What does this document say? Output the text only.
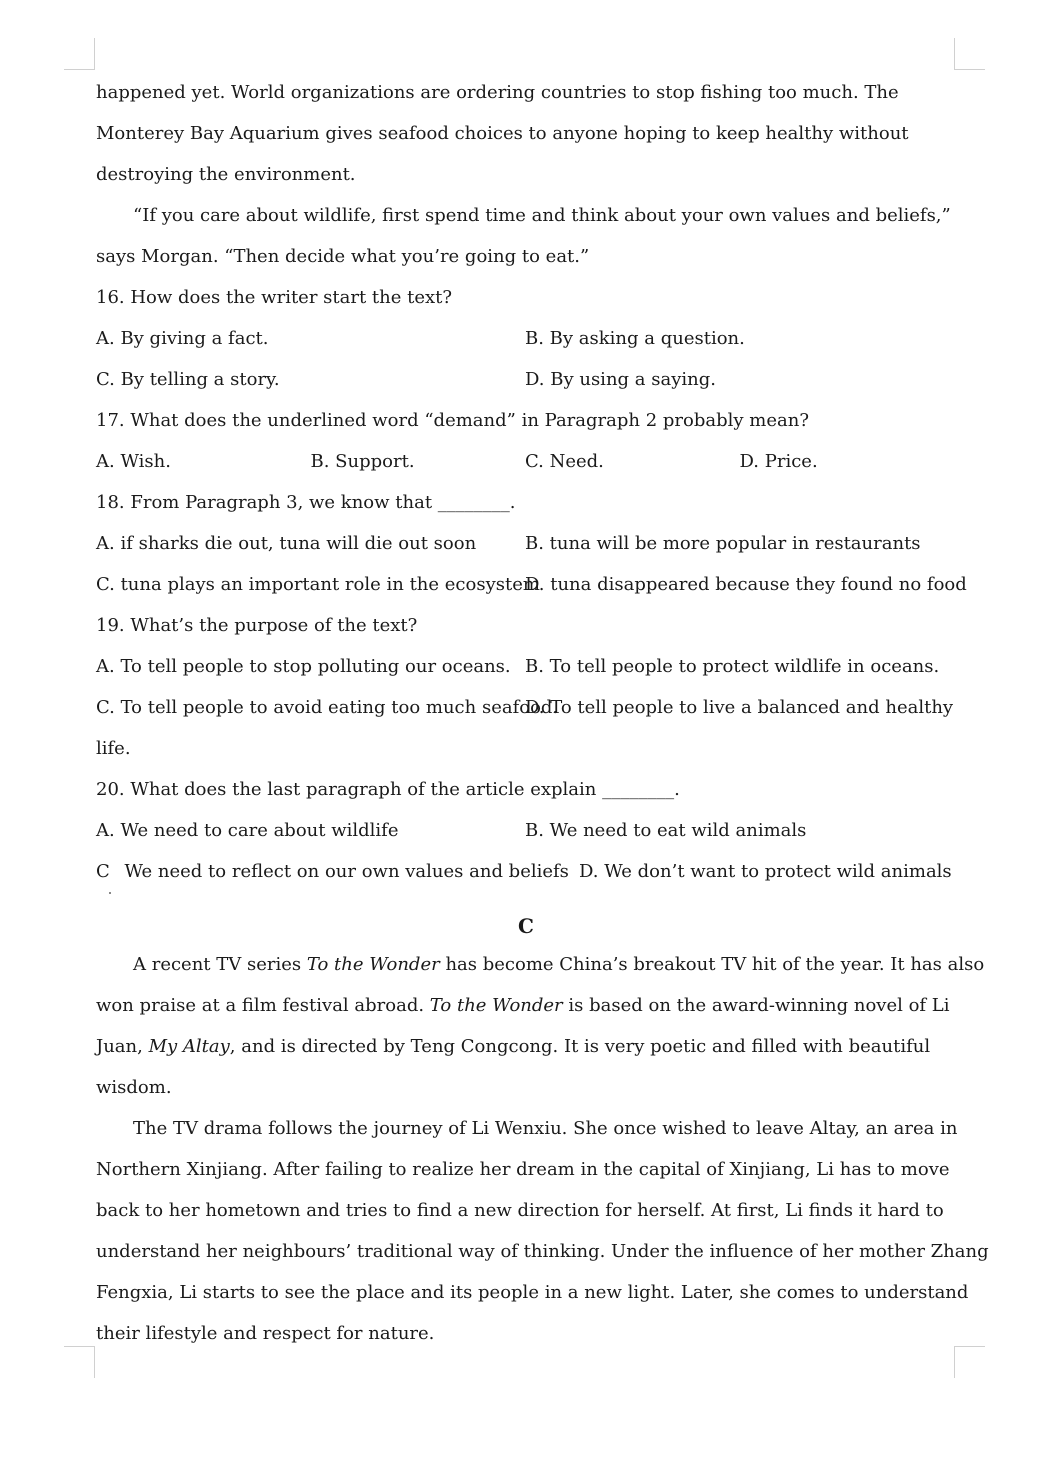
happened yet. World organizations are ordering countries to stop fishing too much. The
Monterey Bay Aquarium gives seafood choices to anyone hoping to keep healthy without
destroying the environment.
“If you care about wildlife, first spend time and think about your own values and beliefs,”
says Morgan. “Then decide what you’re going to eat.”
16. How does the writer start the text?
A. By giving a fact.	B. By asking a question.
C. By telling a story.	D. By using a saying.
17. What does the underlined word “demand” in Paragraph 2 probably mean?
A. Wish.	B. Support.	C. Need.	D. Price.
18. From Paragraph 3, we know that ________.
A. if sharks die out, tuna will die out soon	B. tuna will be more popular in restaurants
C. tuna plays an important role in the ecosystem
D. tuna disappeared because they found no food
19. What’s the purpose of the text?
A. To tell people to stop polluting our oceans. B. To tell people to protect wildlife in oceans.
C. To tell people to avoid eating too much seafood.
D. To tell people to live a balanced and healthy
life.
20. What does the last paragraph of the article explain ________.
A. We need to care about wildlife	B. We need to eat wild animals
C  We need to reflect on our own values and beliefs D. We don’t want to protect wild animals
C
A recent TV series To the Wonder has become China’s breakout TV hit of the year. It has also
won praise at a film festival abroad. To the Wonder is based on the award-winning novel of Li
Juan, My Altay, and is directed by Teng Congcong. It is very poetic and filled with beautiful
wisdom.
The TV drama follows the journey of Li Wenxiu. She once wished to leave Altay, an area in
Northern Xinjiang. After failing to realize her dream in the capital of Xinjiang, Li has to move
back to her hometown and tries to find a new direction for herself. At first, Li finds it hard to
understand her neighbours’ traditional way of thinking. Under the influence of her mother Zhang
Fengxia, Li starts to see the place and its people in a new light. Later, she comes to understand
their lifestyle and respect for nature.
